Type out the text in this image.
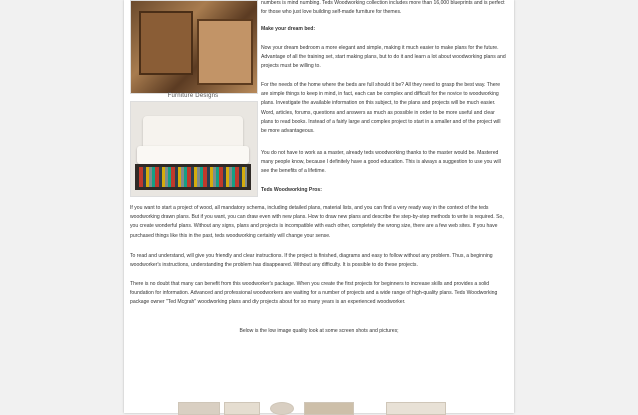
Furniture Designs
numbers is mind numbing. Teds Woodworking collection includes more than 16,000 blueprints and is perfect for those who just love building self-made furniture for themes.
Make your dream bed:
Now your dream bedroom a more elegant and simple, making it much easier to make plans for the future. Advantage of all the training set, start making plans, but to do it and learn a lot about woodworking plans and projects must be willing to.
For the needs of the home where the beds are full should it be? All they need to grasp the best way. There are simple things to keep in mind, in fact, each can be complex and difficult for the novice to woodworking plans. Investigate the available information on this subject, to the plans and projects will be much easier. Word, articles, forums, questions and answers as much as possible in order to be more useful and clear plans to read books. Instead of a fairly large and complex project to start in a smaller and of the project will be more advantageous.
You do not have to work as a master, already teds woodworking thanks to the master would be. Mastered many people know, because I definitely have a good education. This is always a suggestion to use you will see the benefits of a lifetime.
Teds Woodworking Pros:
If you want to start a project of wood, all mandatory schema, including detailed plans, material lists, and you can find a very ready way in the context of the teds woodworking drawn plans. But if you want, you can draw even with new plans. How to draw new plans and describe the step-by-step methods to write is required. So, you create wonderful plans. Without any signs, plans and projects is incompatible with each other, completely the wrong size, there are a few web sites. If you have purchased things like this in the past, teds woodworking certainly will change your sense.
To read and understand, will give you friendly and clear instructions. If the project is finished, diagrams and easy to follow without any problem. Thus, a beginning woodworker's instructions, understanding the problem has disappeared. Without any difficulty. It is possible to do these projects.
There is no doubt that many can benefit from this woodworker's package. When you create the first projects for beginners to increase skills and provides a solid foundation for information. Advanced and professional woodworkers are waiting for a number of projects and a wide range of high-quality plans. Teds Woodworking package owner "Ted Mcgrah" woodworking plans and diy projects about for so many years is an experienced woodworker.
Below is the low image quality look at some screen shots and pictures;
